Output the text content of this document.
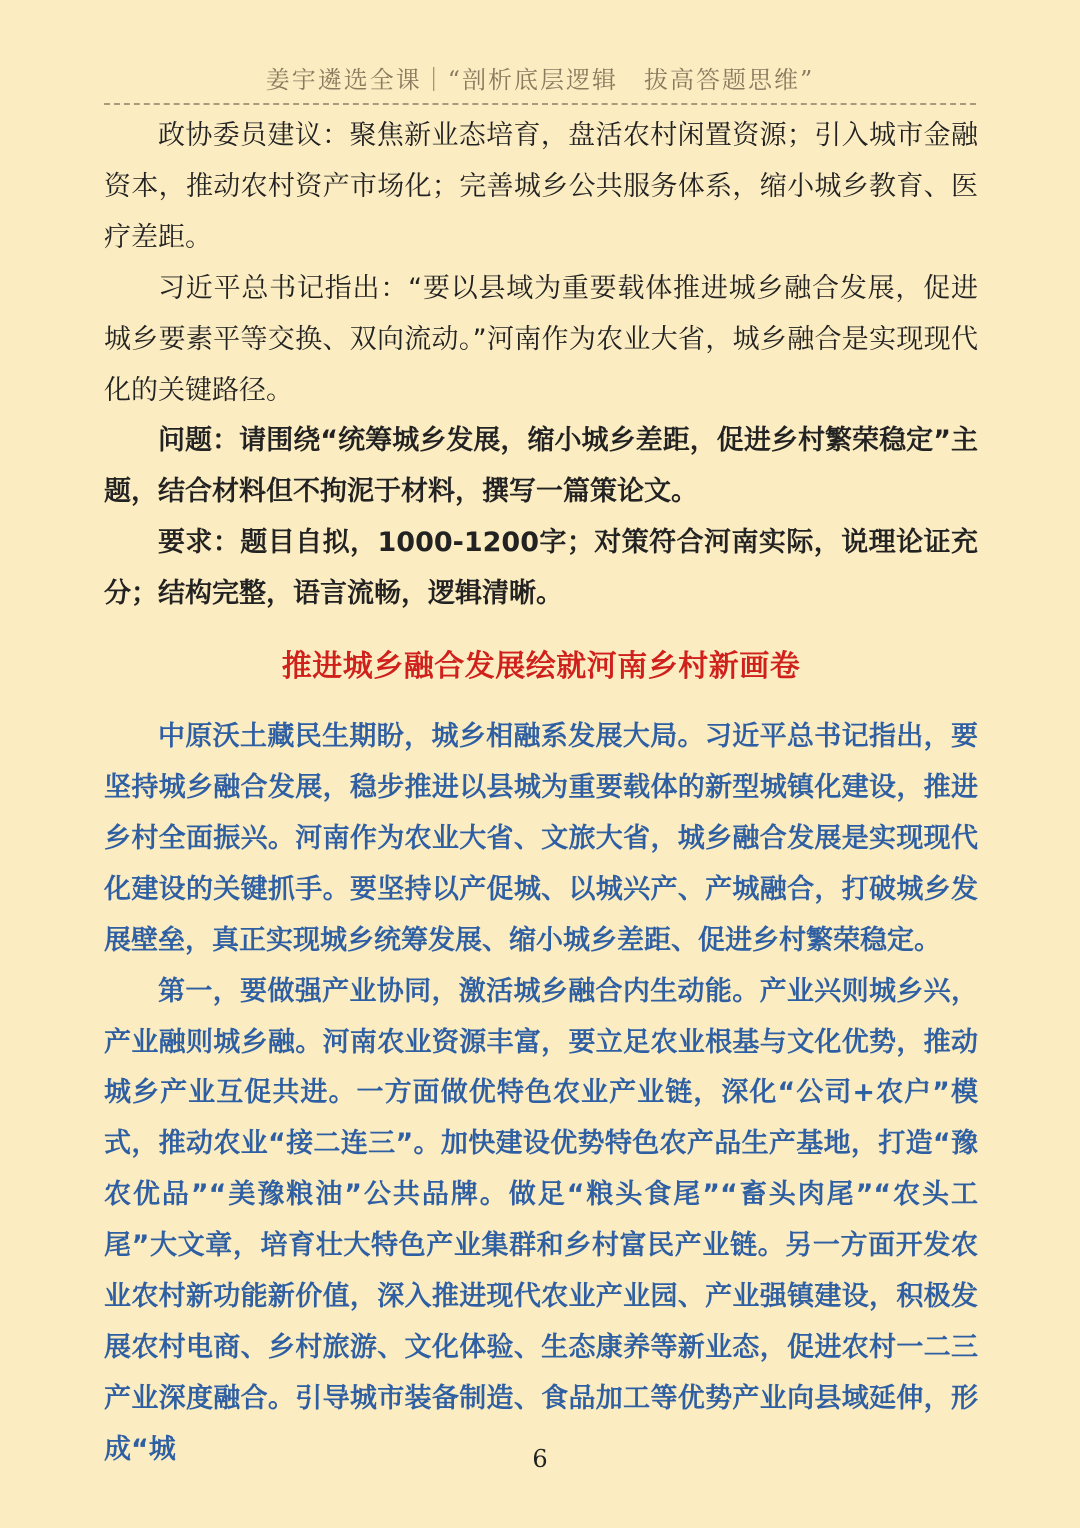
姜宇遴选全课｜“剖析底层逻辑　拔高答题思维”

政协委员建议：聚焦新业态培育，盘活农村闲置资源；引入城市金融资本，推动农村资产市场化；完善城乡公共服务体系，缩小城乡教育、医疗差距。

习近平总书记指出：“要以县域为重要载体推进城乡融合发展，促进城乡要素平等交换、双向流动。”河南作为农业大省，城乡融合是实现现代化的关键路径。

问题：请围绕“统筹城乡发展，缩小城乡差距，促进乡村繁荣稳定”主题，结合材料但不拘泥于材料，撰写一篇策论文。

要求：题目自拟，1000-1200字；对策符合河南实际，说理论证充分；结构完整，语言流畅，逻辑清晰。

推进城乡融合发展绘就河南乡村新画卷

中原沃土藏民生期盼，城乡相融系发展大局。习近平总书记指出，要坚持城乡融合发展，稳步推进以县城为重要载体的新型城镇化建设，推进乡村全面振兴。河南作为农业大省、文旅大省，城乡融合发展是实现现代化建设的关键抓手。要坚持以产促城、以城兴产、产城融合，打破城乡发展壁垒，真正实现城乡统筹发展、缩小城乡差距、促进乡村繁荣稳定。

第一，要做强产业协同，激活城乡融合内生动能。产业兴则城乡兴，产业融则城乡融。河南农业资源丰富，要立足农业根基与文化优势，推动城乡产业互促共进。一方面做优特色农业产业链，深化“公司+农户”模式，推动农业“接二连三”。加快建设优势特色农产品生产基地，打造“豫农优品”“美豫粮油”公共品牌。做足“粮头食尾”“畜头肉尾”“农头工尾”大文章，培育壮大特色产业集群和乡村富民产业链。另一方面开发农业农村新功能新价值，深入推进现代农业产业园、产业强镇建设，积极发展农村电商、乡村旅游、文化体验、生态康养等新业态，促进农村一二三产业深度融合。引导城市装备制造、食品加工等优势产业向县域延伸，形成“城	6
